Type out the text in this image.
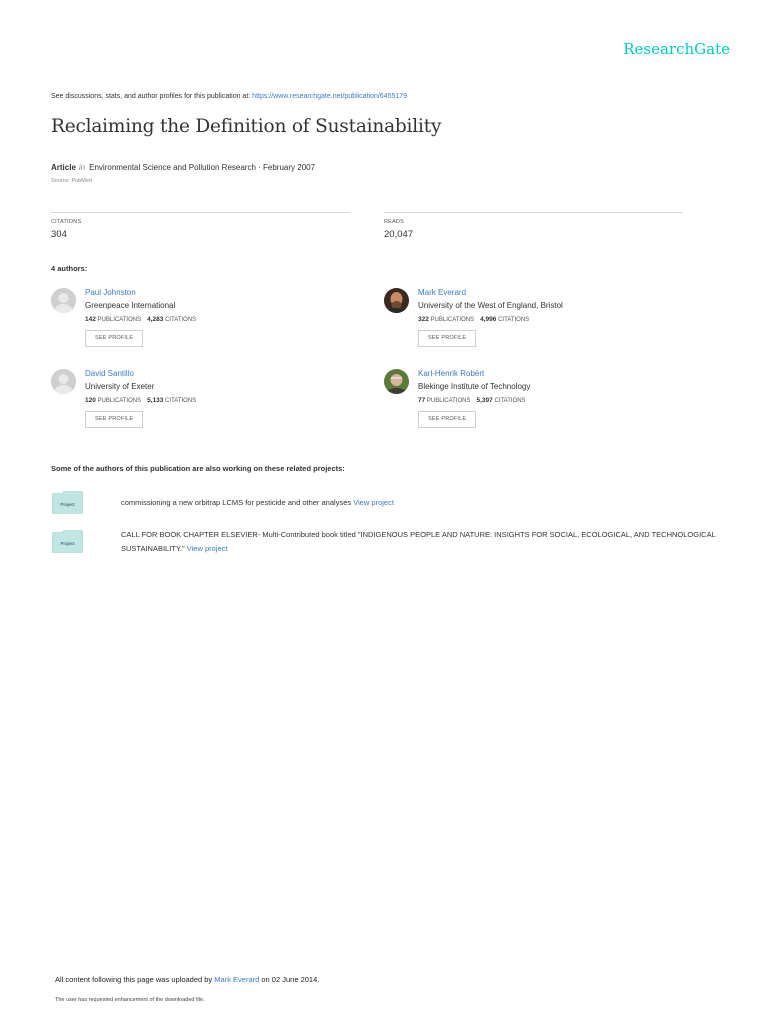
ResearchGate
See discussions, stats, and author profiles for this publication at: https://www.researchgate.net/publication/6455179
Reclaiming the Definition of Sustainability
Article in Environmental Science and Pollution Research · February 2007
Source: PubMed
CITATIONS
304
READS
20,047
4 authors:
Paul Johnston
Greenpeace International
142 PUBLICATIONS 4,283 CITATIONS
SEE PROFILE
Mark Everard
University of the West of England, Bristol
322 PUBLICATIONS 4,996 CITATIONS
SEE PROFILE
David Santillo
University of Exeter
120 PUBLICATIONS 5,133 CITATIONS
SEE PROFILE
Karl-Henrik Robèrt
Blekinge Institute of Technology
77 PUBLICATIONS 5,397 CITATIONS
SEE PROFILE
Some of the authors of this publication are also working on these related projects:
Project	commissioning a new orbitrap LCMS for pesticide and other analyses View project
Project
CALL FOR BOOK CHAPTER ELSEVIER- Multi-Contributed book titled "INDIGENOUS PEOPLE AND NATURE: INSIGHTS FOR SOCIAL, ECOLOGICAL, AND TECHNOLOGICAL
SUSTAINABILITY." View project
All content following this page was uploaded by Mark Everard on 02 June 2014.
The user has requested enhancement of the downloaded file.
